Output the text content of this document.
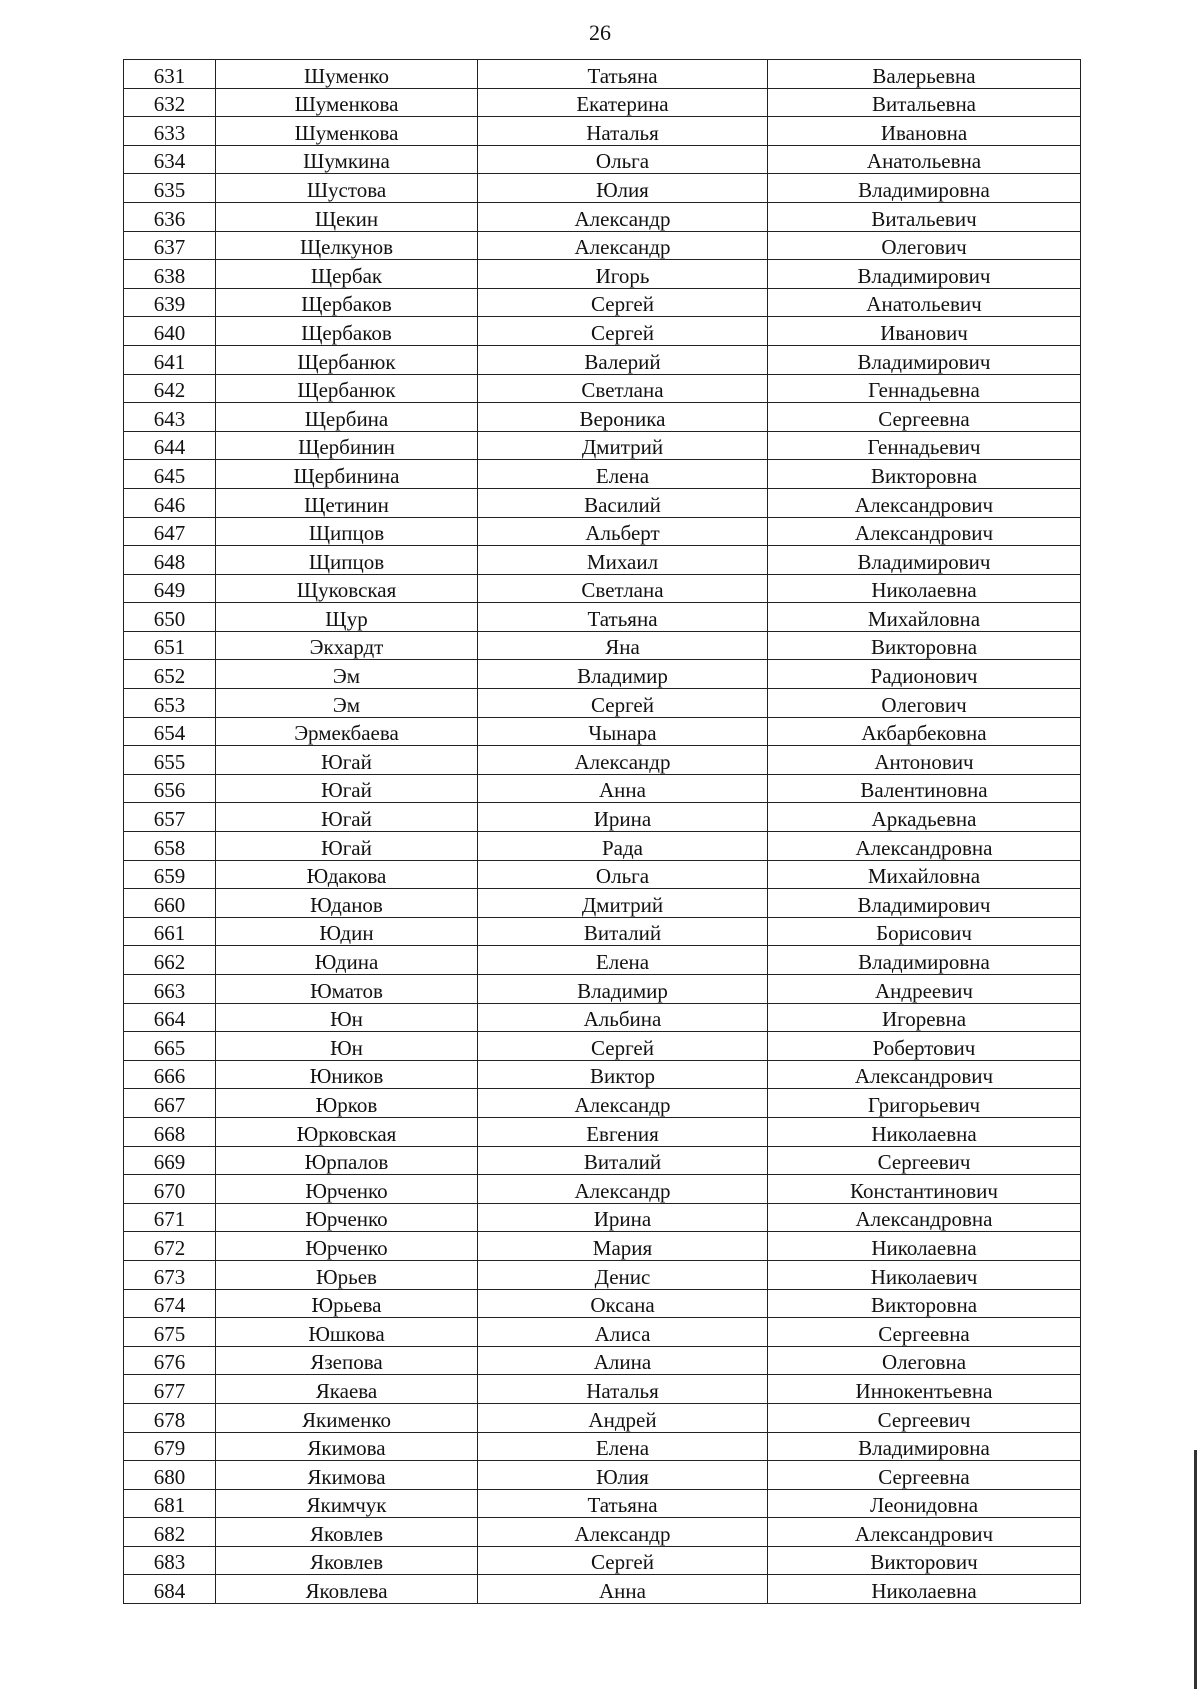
26
631	Шуменко	Татьяна	Валерьевна
632	Шуменкова	Екатерина	Витальевна
633	Шуменкова	Наталья	Ивановна
634	Шумкина	Ольга	Анатольевна
635	Шустова	Юлия	Владимировна
636	Щекин	Александр	Витальевич
637	Щелкунов	Александр	Олегович
638	Щербак	Игорь	Владимирович
639	Щербаков	Сергей	Анатольевич
640	Щербаков	Сергей	Иванович
641	Щербанюк	Валерий	Владимирович
642	Щербанюк	Светлана	Геннадьевна
643	Щербина	Вероника	Сергеевна
644	Щербинин	Дмитрий	Геннадьевич
645	Щербинина	Елена	Викторовна
646	Щетинин	Василий	Александрович
647	Щипцов	Альберт	Александрович
648	Щипцов	Михаил	Владимирович
649	Щуковская	Светлана	Николаевна
650	Щур	Татьяна	Михайловна
651	Экхардт	Яна	Викторовна
652	Эм	Владимир	Радионович
653	Эм	Сергей	Олегович
654	Эрмекбаева	Чынара	Акбарбековна
655	Югай	Александр	Антонович
656	Югай	Анна	Валентиновна
657	Югай	Ирина	Аркадьевна
658	Югай	Рада	Александровна
659	Юдакова	Ольга	Михайловна
660	Юданов	Дмитрий	Владимирович
661	Юдин	Виталий	Борисович
662	Юдина	Елена	Владимировна
663	Юматов	Владимир	Андреевич
664	Юн	Альбина	Игоревна
665	Юн	Сергей	Робертович
666	Юников	Виктор	Александрович
667	Юрков	Александр	Григорьевич
668	Юрковская	Евгения	Николаевна
669	Юрпалов	Виталий	Сергеевич
670	Юрченко	Александр	Константинович
671	Юрченко	Ирина	Александровна
672	Юрченко	Мария	Николаевна
673	Юрьев	Денис	Николаевич
674	Юрьева	Оксана	Викторовна
675	Юшкова	Алиса	Сергеевна
676	Язепова	Алина	Олеговна
677	Якаева	Наталья	Иннокентьевна
678	Якименко	Андрей	Сергеевич
679	Якимова	Елена	Владимировна
680	Якимова	Юлия	Сергеевна
681	Якимчук	Татьяна	Леонидовна
682	Яковлев	Александр	Александрович
683	Яковлев	Сергей	Викторович
684	Яковлева	Анна	Николаевна
